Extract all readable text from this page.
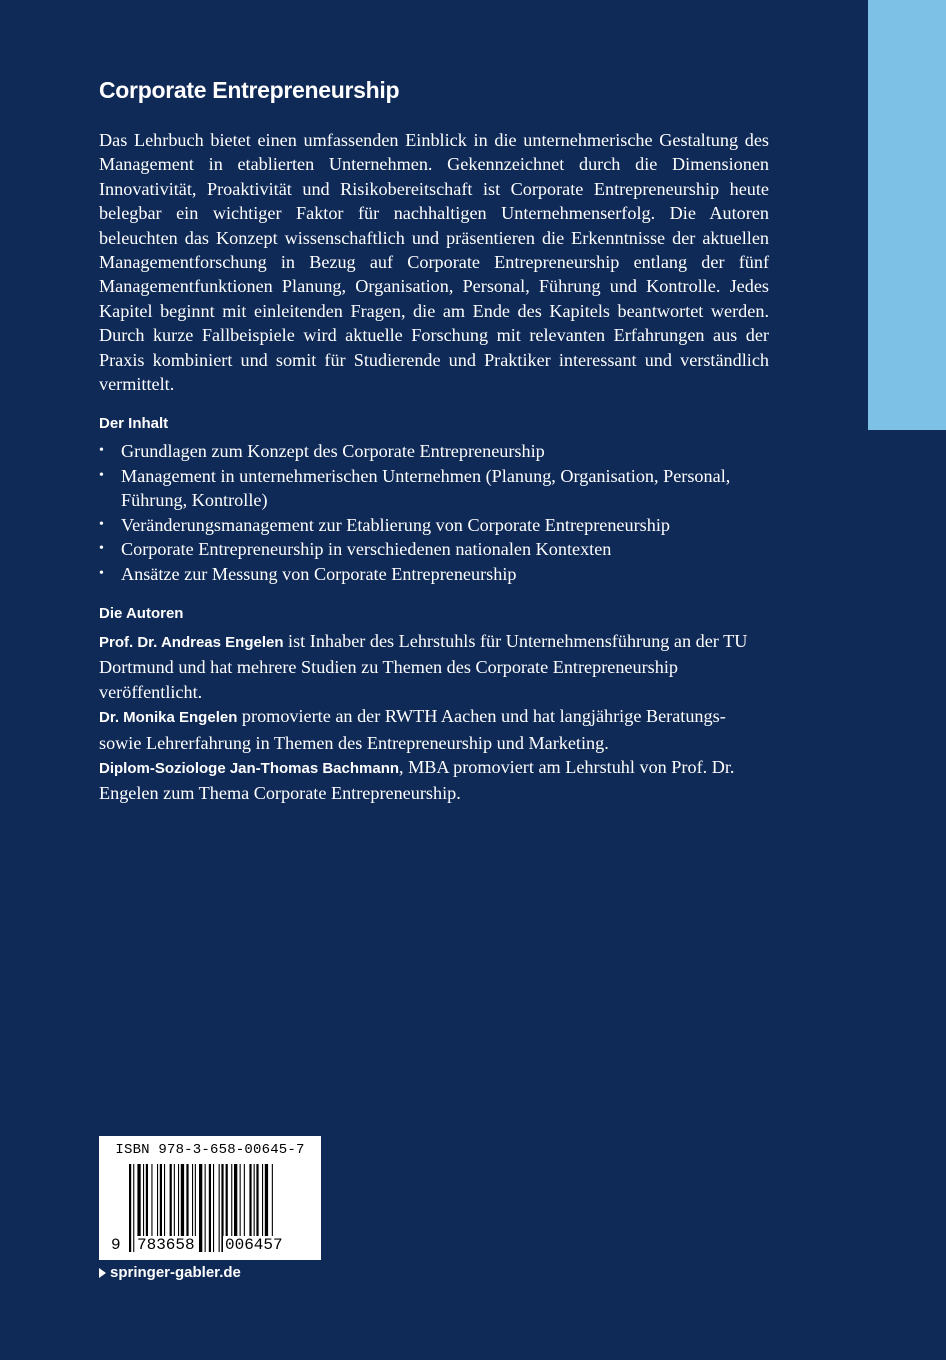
Corporate Entrepreneurship

Das Lehrbuch bietet einen umfassenden Einblick in die unternehmerische Gestaltung des Management in etablierten Unternehmen. Gekennzeichnet durch die Dimensionen Innovativität, Proaktivität und Risikobereitschaft ist Corporate Entrepreneurship heute belegbar ein wichtiger Faktor für nachhaltigen Unternehmenserfolg. Die Autoren beleuchten das Konzept wissenschaftlich und präsentieren die Erkenntnisse der aktuellen Managementforschung in Bezug auf Corporate Entrepreneurship entlang der fünf Managementfunktionen Planung, Organisation, Personal, Führung und Kontrolle. Jedes Kapitel beginnt mit einleitenden Fragen, die am Ende des Kapitels beantwortet werden. Durch kurze Fallbeispiele wird aktuelle Forschung mit relevanten Erfahrungen aus der Praxis kombiniert und somit für Studierende und Praktiker interessant und verständlich vermittelt.

Der Inhalt
• Grundlagen zum Konzept des Corporate Entrepreneurship
• Management in unternehmerischen Unternehmen (Planung, Organisation, Personal, Führung, Kontrolle)
• Veränderungsmanagement zur Etablierung von Corporate Entrepreneurship
• Corporate Entrepreneurship in verschiedenen nationalen Kontexten
• Ansätze zur Messung von Corporate Entrepreneurship
Die Autoren

Prof. Dr. Andreas Engelen ist Inhaber des Lehrstuhls für Unternehmensführung an der TU Dortmund und hat mehrere Studien zu Themen des Corporate Entrepreneurship veröffentlicht.

Dr. Monika Engelen promovierte an der RWTH Aachen und hat langjährige Beratungs- sowie Lehrerfahrung in Themen des Entrepreneurship und Marketing.

Diplom-Soziologe Jan-Thomas Bachmann, MBA promoviert am Lehrstuhl von Prof. Dr. Engelen zum Thema Corporate Entrepreneurship.

ISBN 978-3-658-00645-7
9 783658 006457
springer-gabler.de
